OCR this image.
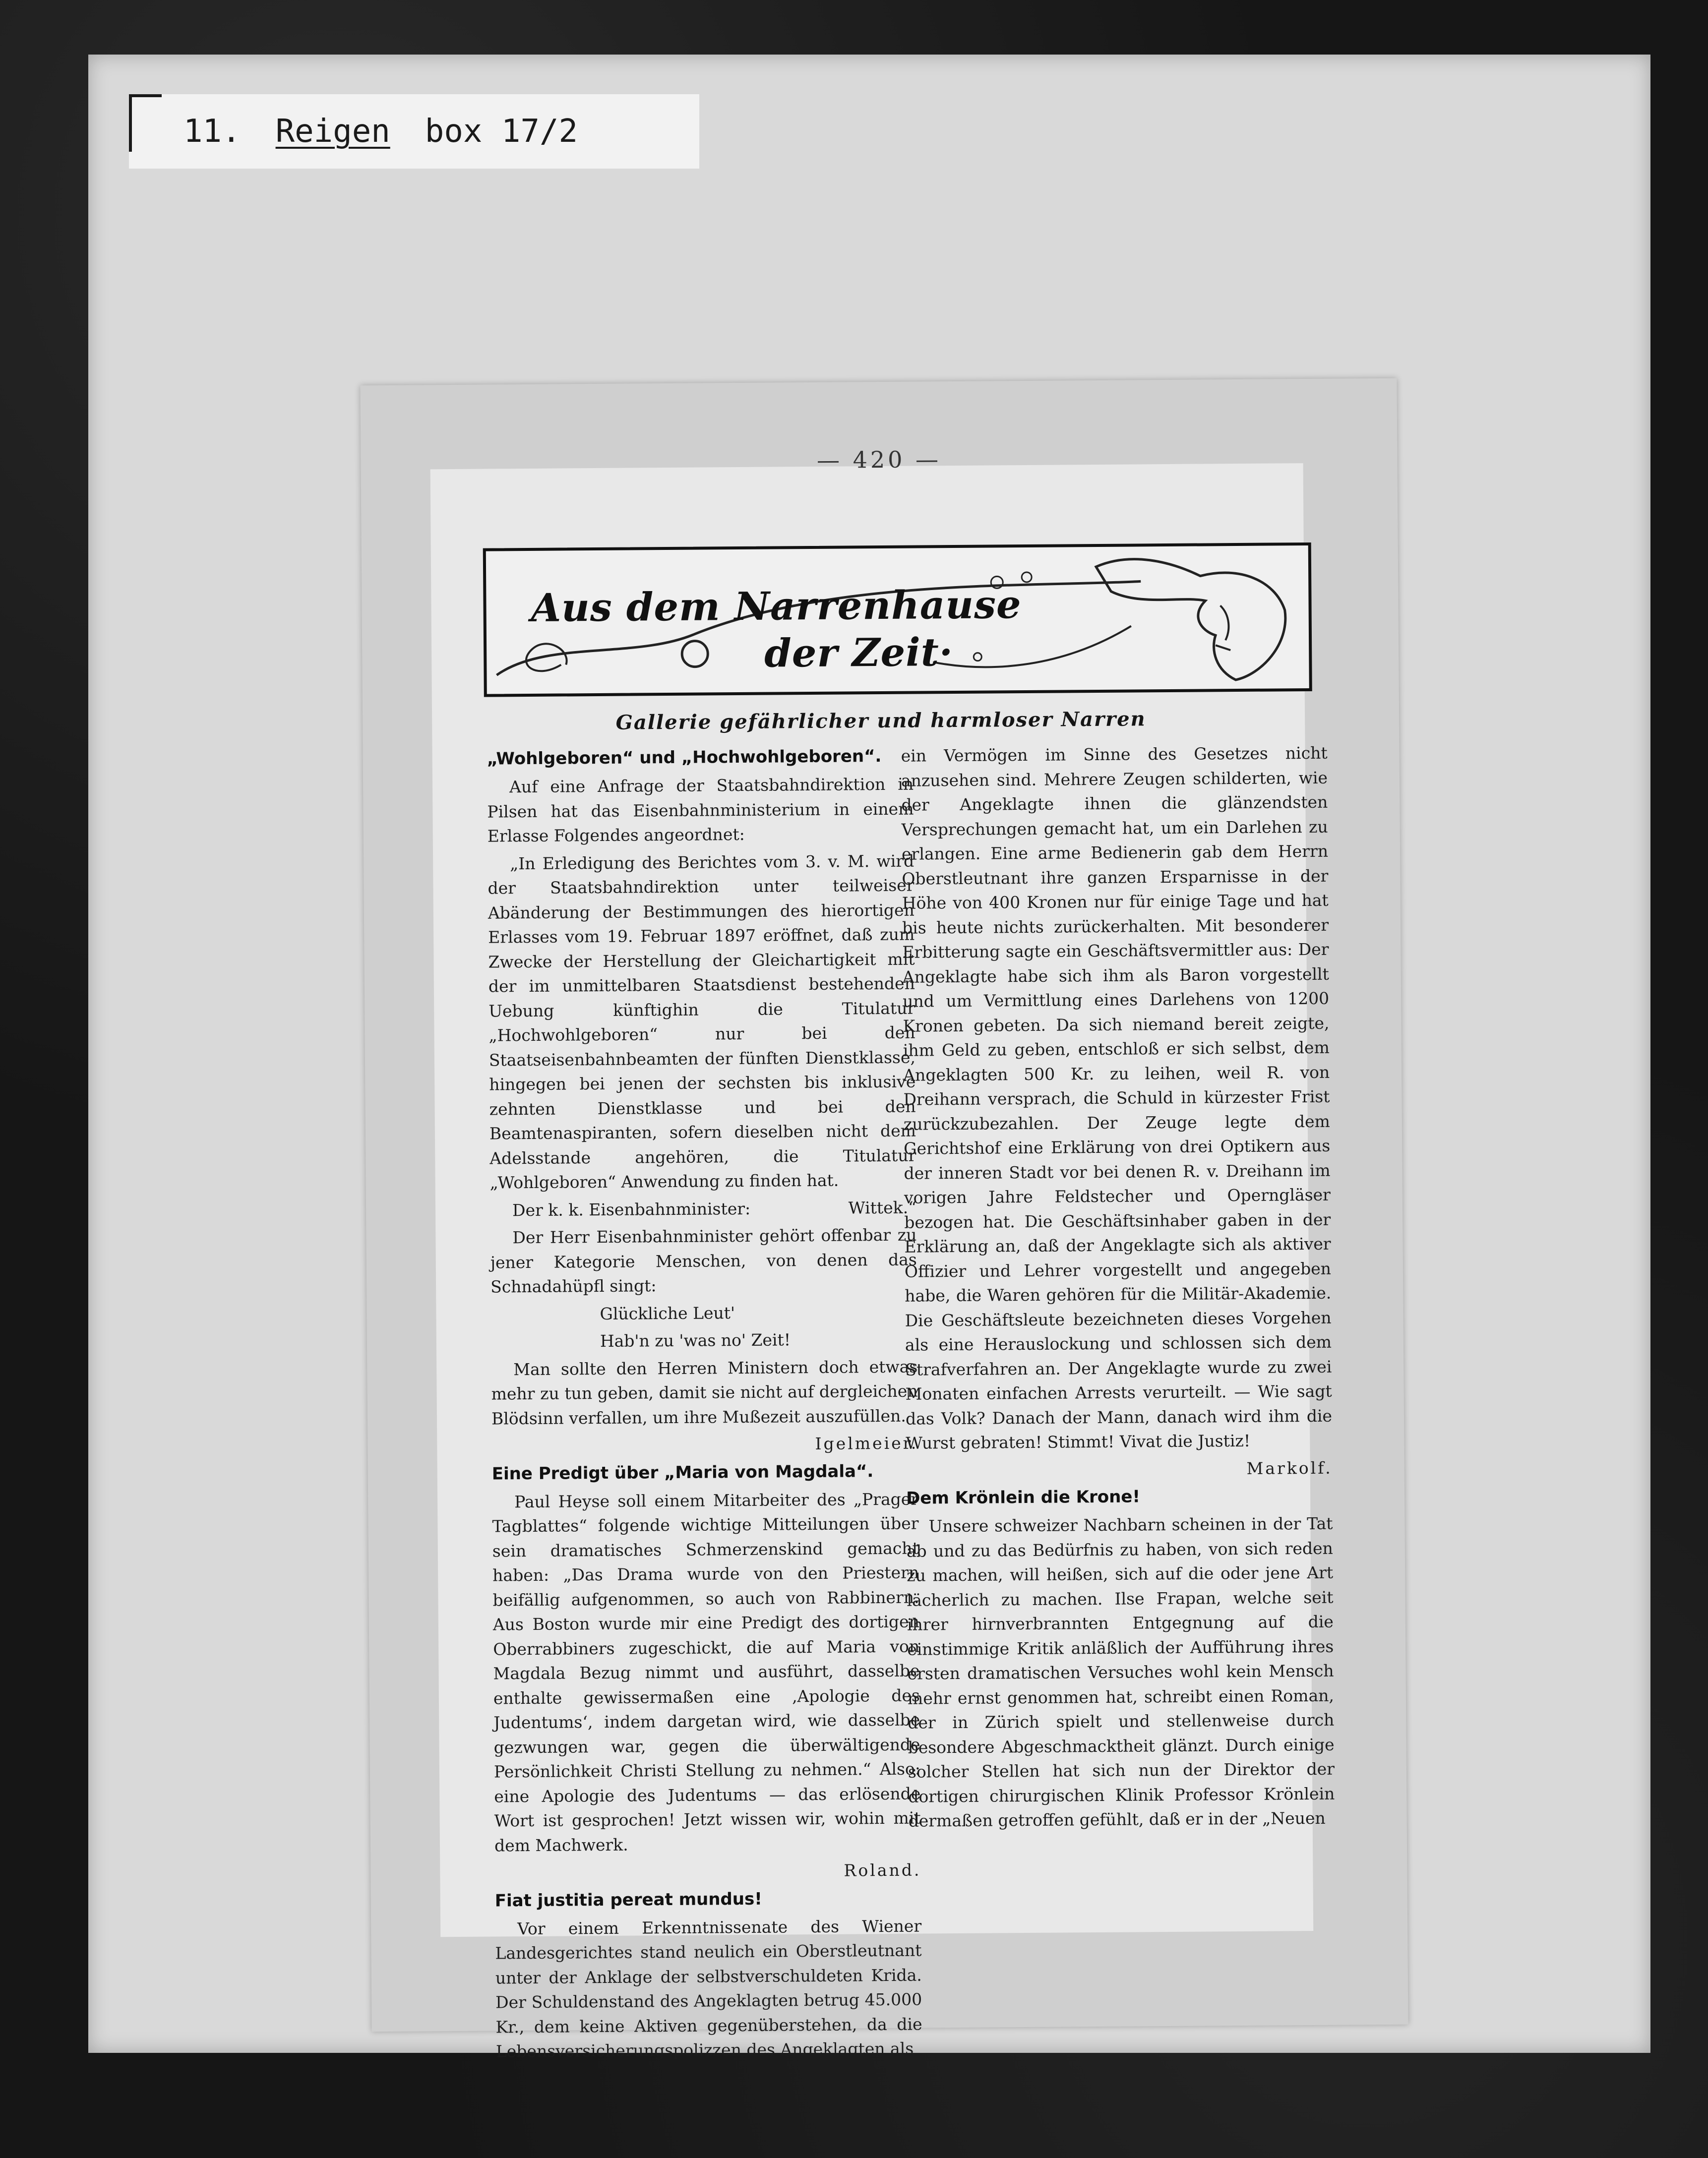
11. Reigen box 17/2
— 420 —
Aus dem Narrenhause
der Zeit·
Gallerie gefährlicher und harmloser Narren
„Wohlgeboren“ und „Hochwohlgeboren“.

Auf eine Anfrage der Staatsbahndirektion in Pilsen hat das Eisenbahnministerium in einem Erlasse Folgendes angeordnet:

„In Erledigung des Berichtes vom 3. v. M. wird der Staatsbahndirektion unter teilweiser Abänderung der Bestimmungen des hierortigen Erlasses vom 19. Februar 1897 eröffnet, daß zum Zwecke der Herstellung der Gleichartigkeit mit der im unmittelbaren Staatsdienst bestehenden Uebung künftighin die Titulatur „Hochwohlgeboren“ nur bei den Staatseisenbahnbeamten der fünften Dienstklasse, hingegen bei jenen der sechsten bis inklusive zehnten Dienstklasse und bei den Beamtenaspiranten, sofern dieselben nicht dem Adelsstande angehören, die Titulatur „Wohlgeboren“ Anwendung zu finden hat.

Der k. k. Eisenbahnminister:	Wittek.“

Der Herr Eisenbahnminister gehört offenbar zu jener Kategorie Menschen, von denen das Schnadahüpfl singt:

Glückliche Leut'

Hab'n zu 'was no' Zeit!

Man sollte den Herren Ministern doch etwas mehr zu tun geben, damit sie nicht auf dergleichen Blödsinn verfallen, um ihre Mußezeit auszufüllen.

Igelmeier.

Eine Predigt über „Maria von Magdala“.

Paul Heyse soll einem Mitarbeiter des „Prager Tagblattes“ folgende wichtige Mitteilungen über sein dramatisches Schmerzenskind gemacht haben: „Das Drama wurde von den Priestern beifällig aufgenommen, so auch von Rabbinern. Aus Boston wurde mir eine Predigt des dortigen Oberrabbiners zugeschickt, die auf Maria von Magdala Bezug nimmt und ausführt, dasselbe enthalte gewissermaßen eine ‚Apologie des Judentums‘, indem dargetan wird, wie dasselbe gezwungen war, gegen die überwältigende Persönlichkeit Christi Stellung zu nehmen.“ Also: eine Apologie des Judentums — das erlösende Wort ist gesprochen! Jetzt wissen wir, wohin mit dem Machwerk.

Roland.

Fiat justitia pereat mundus!

Vor einem Erkenntnissenate des Wiener Landesgerichtes stand neulich ein Oberstleutnant unter der Anklage der selbstverschuldeten Krida. Der Schuldenstand des Angeklagten betrug 45.000 Kr., dem keine Aktiven gegenüberstehen, da die Lebensversicherungspolizzen des Angeklagten als

ein Vermögen im Sinne des Gesetzes nicht anzusehen sind. Mehrere Zeugen schilderten, wie der Angeklagte ihnen die glänzendsten Versprechungen gemacht hat, um ein Darlehen zu erlangen. Eine arme Bedienerin gab dem Herrn Oberstleutnant ihre ganzen Ersparnisse in der Höhe von 400 Kronen nur für einige Tage und hat bis heute nichts zurückerhalten. Mit besonderer Erbitterung sagte ein Geschäftsvermittler aus: Der Angeklagte habe sich ihm als Baron vorgestellt und um Vermittlung eines Darlehens von 1200 Kronen gebeten. Da sich niemand bereit zeigte, ihm Geld zu geben, entschloß er sich selbst, dem Angeklagten 500 Kr. zu leihen, weil R. von Dreihann versprach, die Schuld in kürzester Frist zurückzubezahlen. Der Zeuge legte dem Gerichtshof eine Erklärung von drei Optikern aus der inneren Stadt vor bei denen R. v. Dreihann im vorigen Jahre Feldstecher und Operngläser bezogen hat. Die Geschäftsinhaber gaben in der Erklärung an, daß der Angeklagte sich als aktiver Offizier und Lehrer vorgestellt und angegeben habe, die Waren gehören für die Militär-Akademie. Die Geschäftsleute bezeichneten dieses Vorgehen als eine Herauslockung und schlossen sich dem Strafverfahren an. Der Angeklagte wurde zu zwei Monaten einfachen Arrests verurteilt. — Wie sagt das Volk? Danach der Mann, danach wird ihm die Wurst gebraten! Stimmt! Vivat die Justiz!

Markolf.

Dem Krönlein die Krone!

Unsere schweizer Nachbarn scheinen in der Tat ab und zu das Bedürfnis zu haben, von sich reden zu machen, will heißen, sich auf die oder jene Art lächerlich zu machen. Ilse Frapan, welche seit ihrer hirnverbrannten Entgegnung auf die einstimmige Kritik anläßlich der Aufführung ihres ersten dramatischen Versuches wohl kein Mensch mehr ernst genommen hat, schreibt einen Roman, der in Zürich spielt und stellenweise durch besondere Abgeschmacktheit glänzt. Durch einige solcher Stellen hat sich nun der Direktor der dortigen chirurgischen Klinik Professor Krönlein dermaßen getroffen gefühlt, daß er in der „Neuen
